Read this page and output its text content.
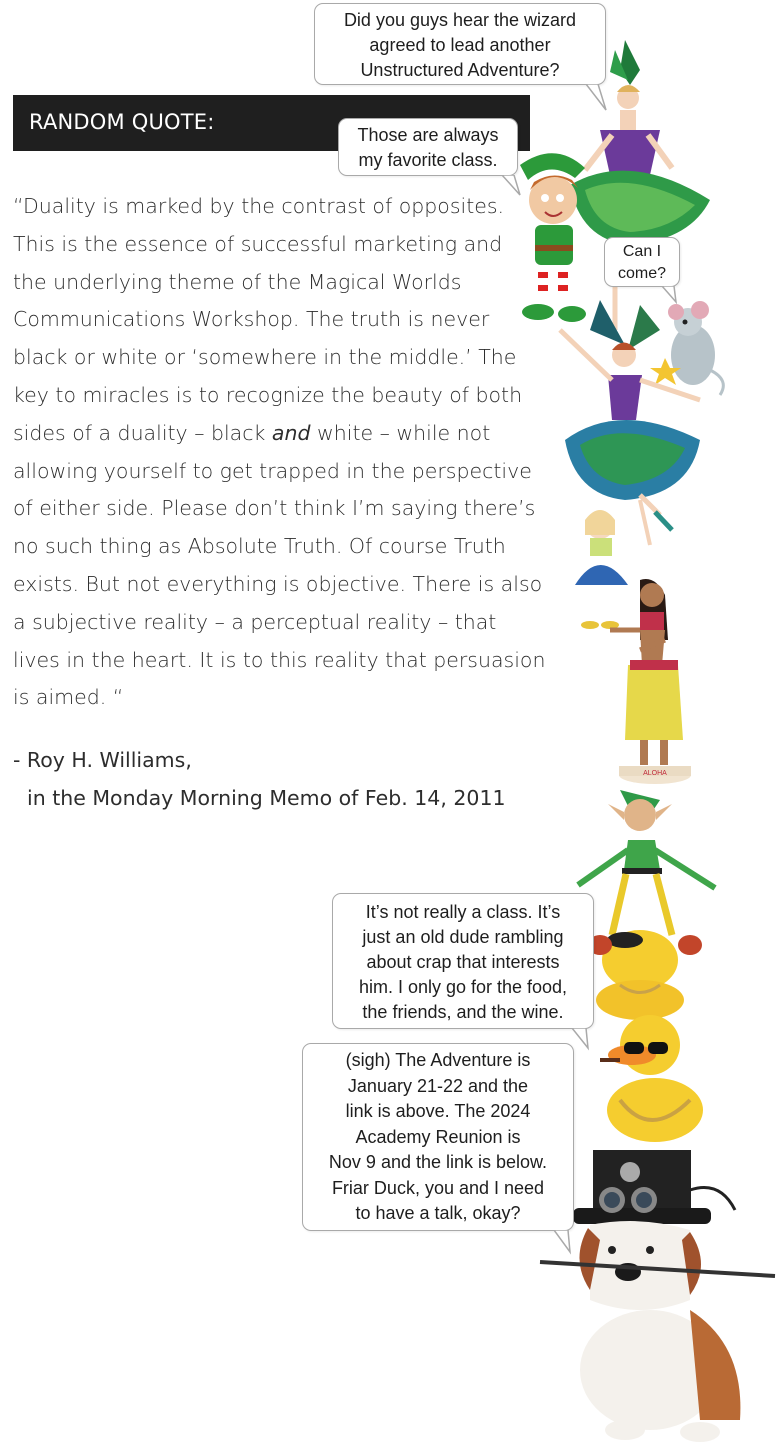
RANDOM QUOTE:
“Duality is marked by the contrast of opposites.
This is the essence of successful marketing and
the underlying theme of the Magical Worlds
Communications Workshop. The truth is never
black or white or ‘somewhere in the middle.’ The
key to miracles is to recognize the beauty of both
sides of a duality – black and white – while not
allowing yourself to get trapped in the perspective
of either side. Please don’t think I’m saying there’s
no such thing as Absolute Truth. Of course Truth
exists. But not everything is objective. There is also
a subjective reality – a perceptual reality – that
lives in the heart. It is to this reality that persuasion
is aimed. “
- Roy H. Williams,
in the Monday Morning Memo of Feb. 14, 2011
ALOHA
Did you guys hear the wizard
agreed to lead another
Unstructured Adventure?
Those are always
my favorite class.
Can I
come?
It’s not really a class. It’s
just an old dude rambling
about crap that interests
him. I only go for the food,
the friends, and the wine.
(sigh) The Adventure is
January 21-22 and the
link is above. The 2024
Academy Reunion is
Nov 9 and the link is below.
Friar Duck, you and I need
to have a talk, okay?
